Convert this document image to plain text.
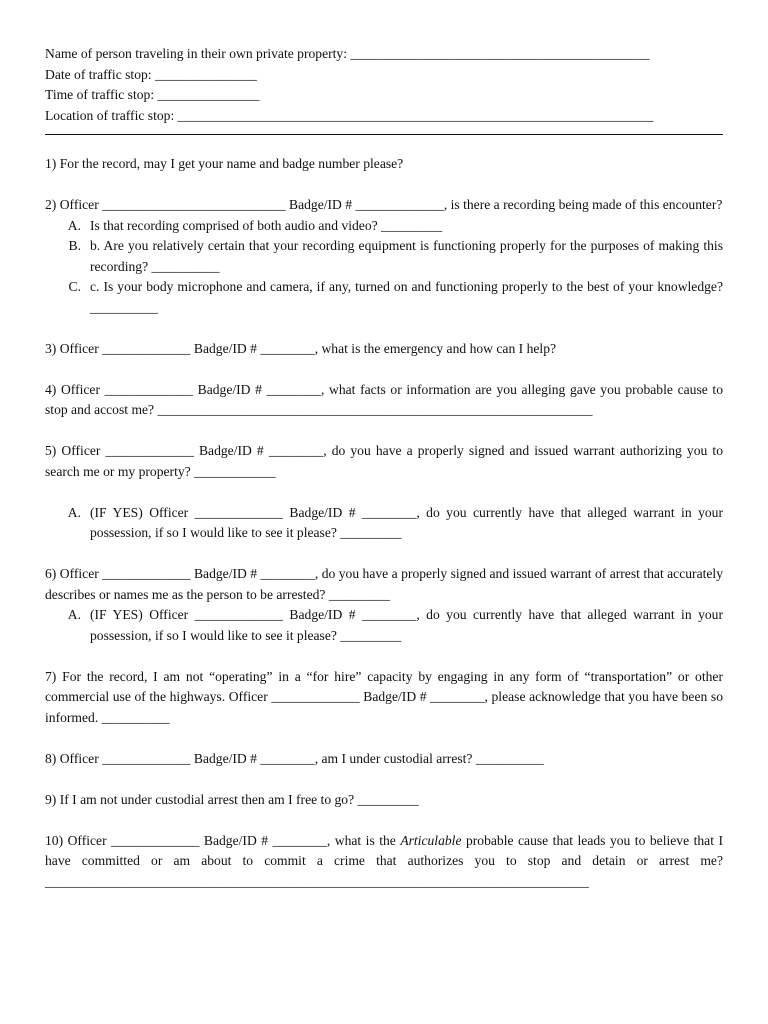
Name of person traveling in their own private property: ____________________________________________
Date of traffic stop: _______________
Time of traffic stop: _______________
Location of traffic stop: ______________________________________________________________________
1) For the record, may I get your name and badge number please?
2) Officer ___________________________ Badge/ID # _____________, is there a recording being made of this encounter?
A. Is that recording comprised of both audio and video? _________
B. b. Are you relatively certain that your recording equipment is functioning properly for the purposes of making this recording? __________
C. c. Is your body microphone and camera, if any, turned on and functioning properly to the best of your knowledge? __________
3) Officer _____________ Badge/ID # ________, what is the emergency and how can I help?
4) Officer _____________ Badge/ID # ________, what facts or information are you alleging gave you probable cause to stop and accost me? ________________________________________________________________
5) Officer _____________ Badge/ID # ________, do you have a properly signed and issued warrant authorizing you to search me or my property? ____________
A. (IF YES) Officer _____________ Badge/ID # ________, do you currently have that alleged warrant in your possession, if so I would like to see it please? _________
6) Officer _____________ Badge/ID # ________, do you have a properly signed and issued warrant of arrest that accurately describes or names me as the person to be arrested? _________
A. (IF YES) Officer _____________ Badge/ID # ________, do you currently have that alleged warrant in your possession, if so I would like to see it please? _________
7) For the record, I am not “operating” in a “for hire” capacity by engaging in any form of “transportation” or other commercial use of the highways. Officer _____________ Badge/ID # ________, please acknowledge that you have been so informed. __________
8) Officer _____________ Badge/ID # ________, am I under custodial arrest? __________
9) If I am not under custodial arrest then am I free to go? _________
10) Officer _____________ Badge/ID # ________, what is the Articulable probable cause that leads you to believe that I have committed or am about to commit a crime that authorizes you to stop and detain or arrest me? ________________________________________________________________________________
